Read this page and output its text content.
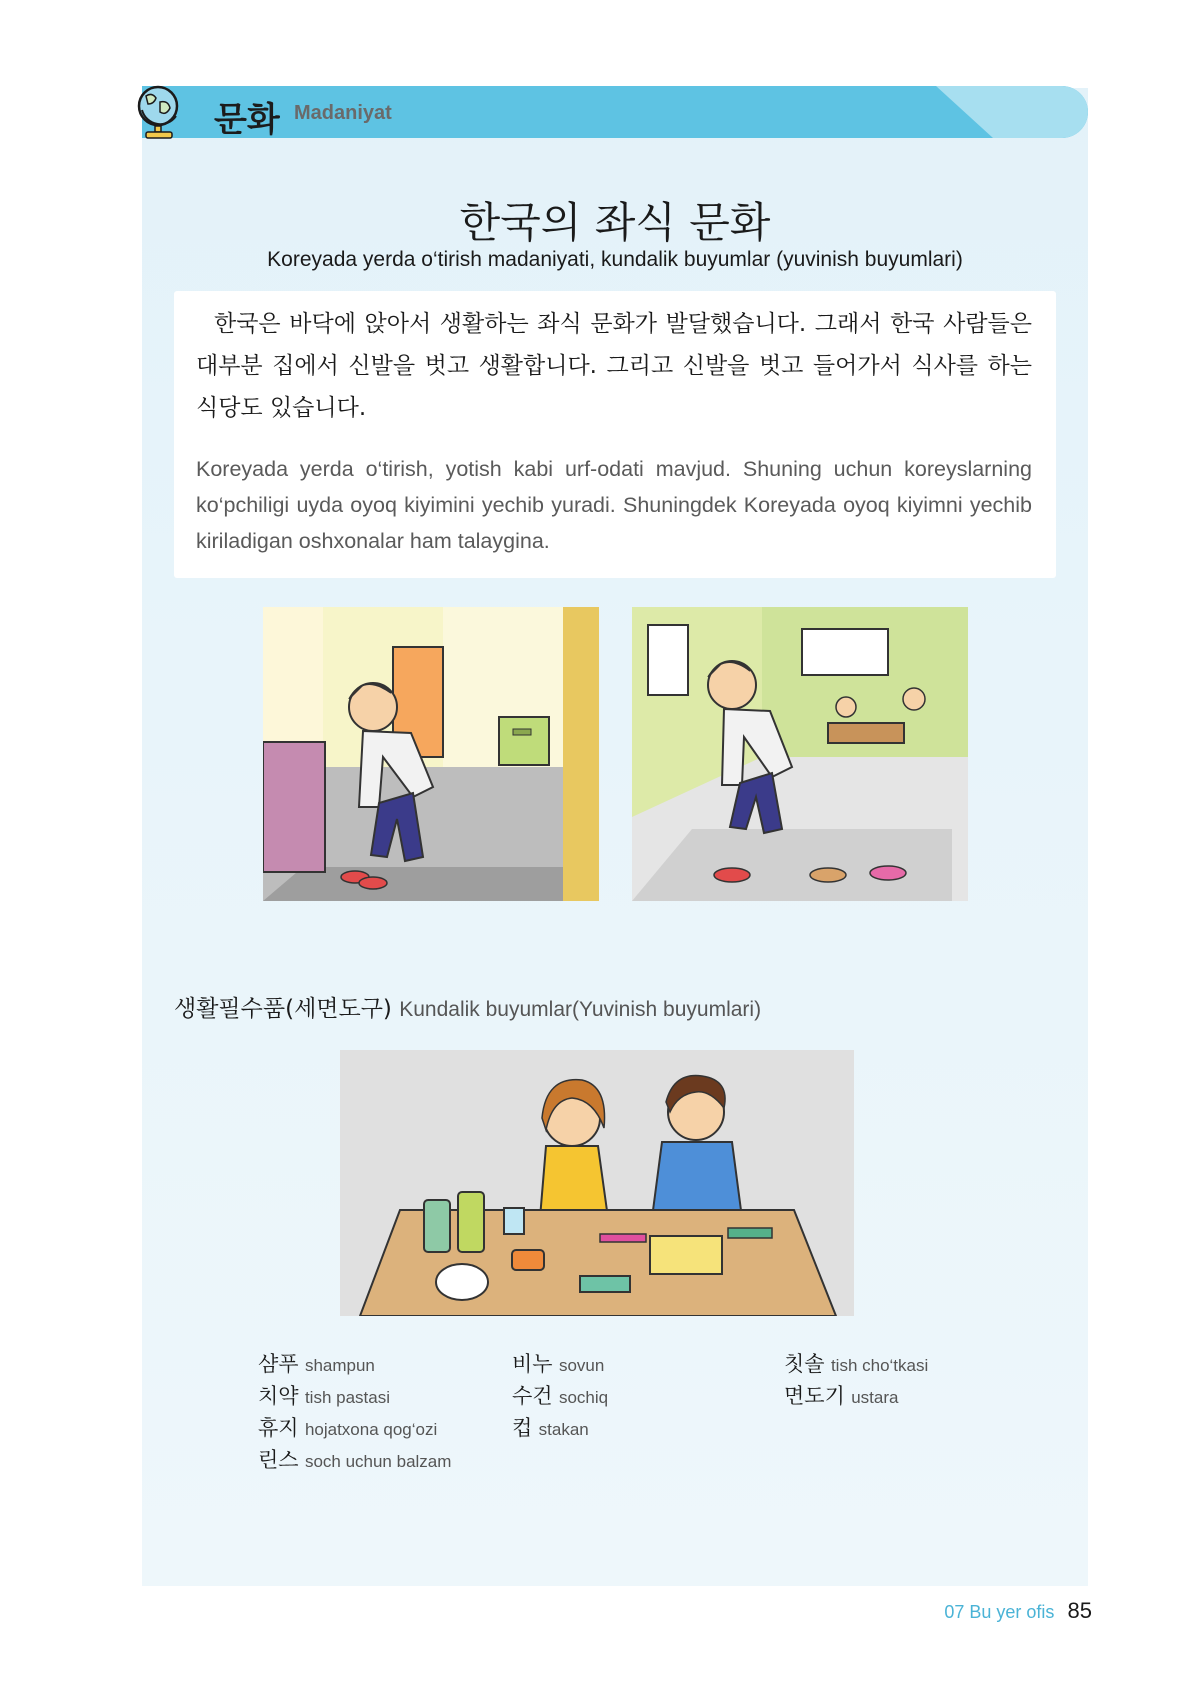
문화 Madaniyat
한국의 좌식 문화
Koreyada yerda o‘tirish madaniyati, kundalik buyumlar (yuvinish buyumlari)

한국은 바닥에 앉아서 생활하는 좌식 문화가 발달했습니다. 그래서 한국 사람들은 대부분 집에서 신발을 벗고 생활합니다. 그리고 신발을 벗고 들어가서 식사를 하는 식당도 있습니다.

Koreyada yerda o‘tirish, yotish kabi urf-odati mavjud. Shuning uchun koreyslarning ko‘pchiligi uyda oyoq kiyimini yechib yuradi. Shuningdek Koreyada oyoq kiyimni yechib kiriladigan oshxonalar ham talaygina.

생활필수품(세면도구) Kundalik buyumlar(Yuvinish buyumlari)
샴푸 shampun
치약 tish pastasi
휴지 hojatxona qog‘ozi
린스 soch uchun balzam
비누 sovun
수건 sochiq
컵 stakan
칫솔 tish cho‘tkasi
면도기 ustara
07 Bu yer ofis 85
